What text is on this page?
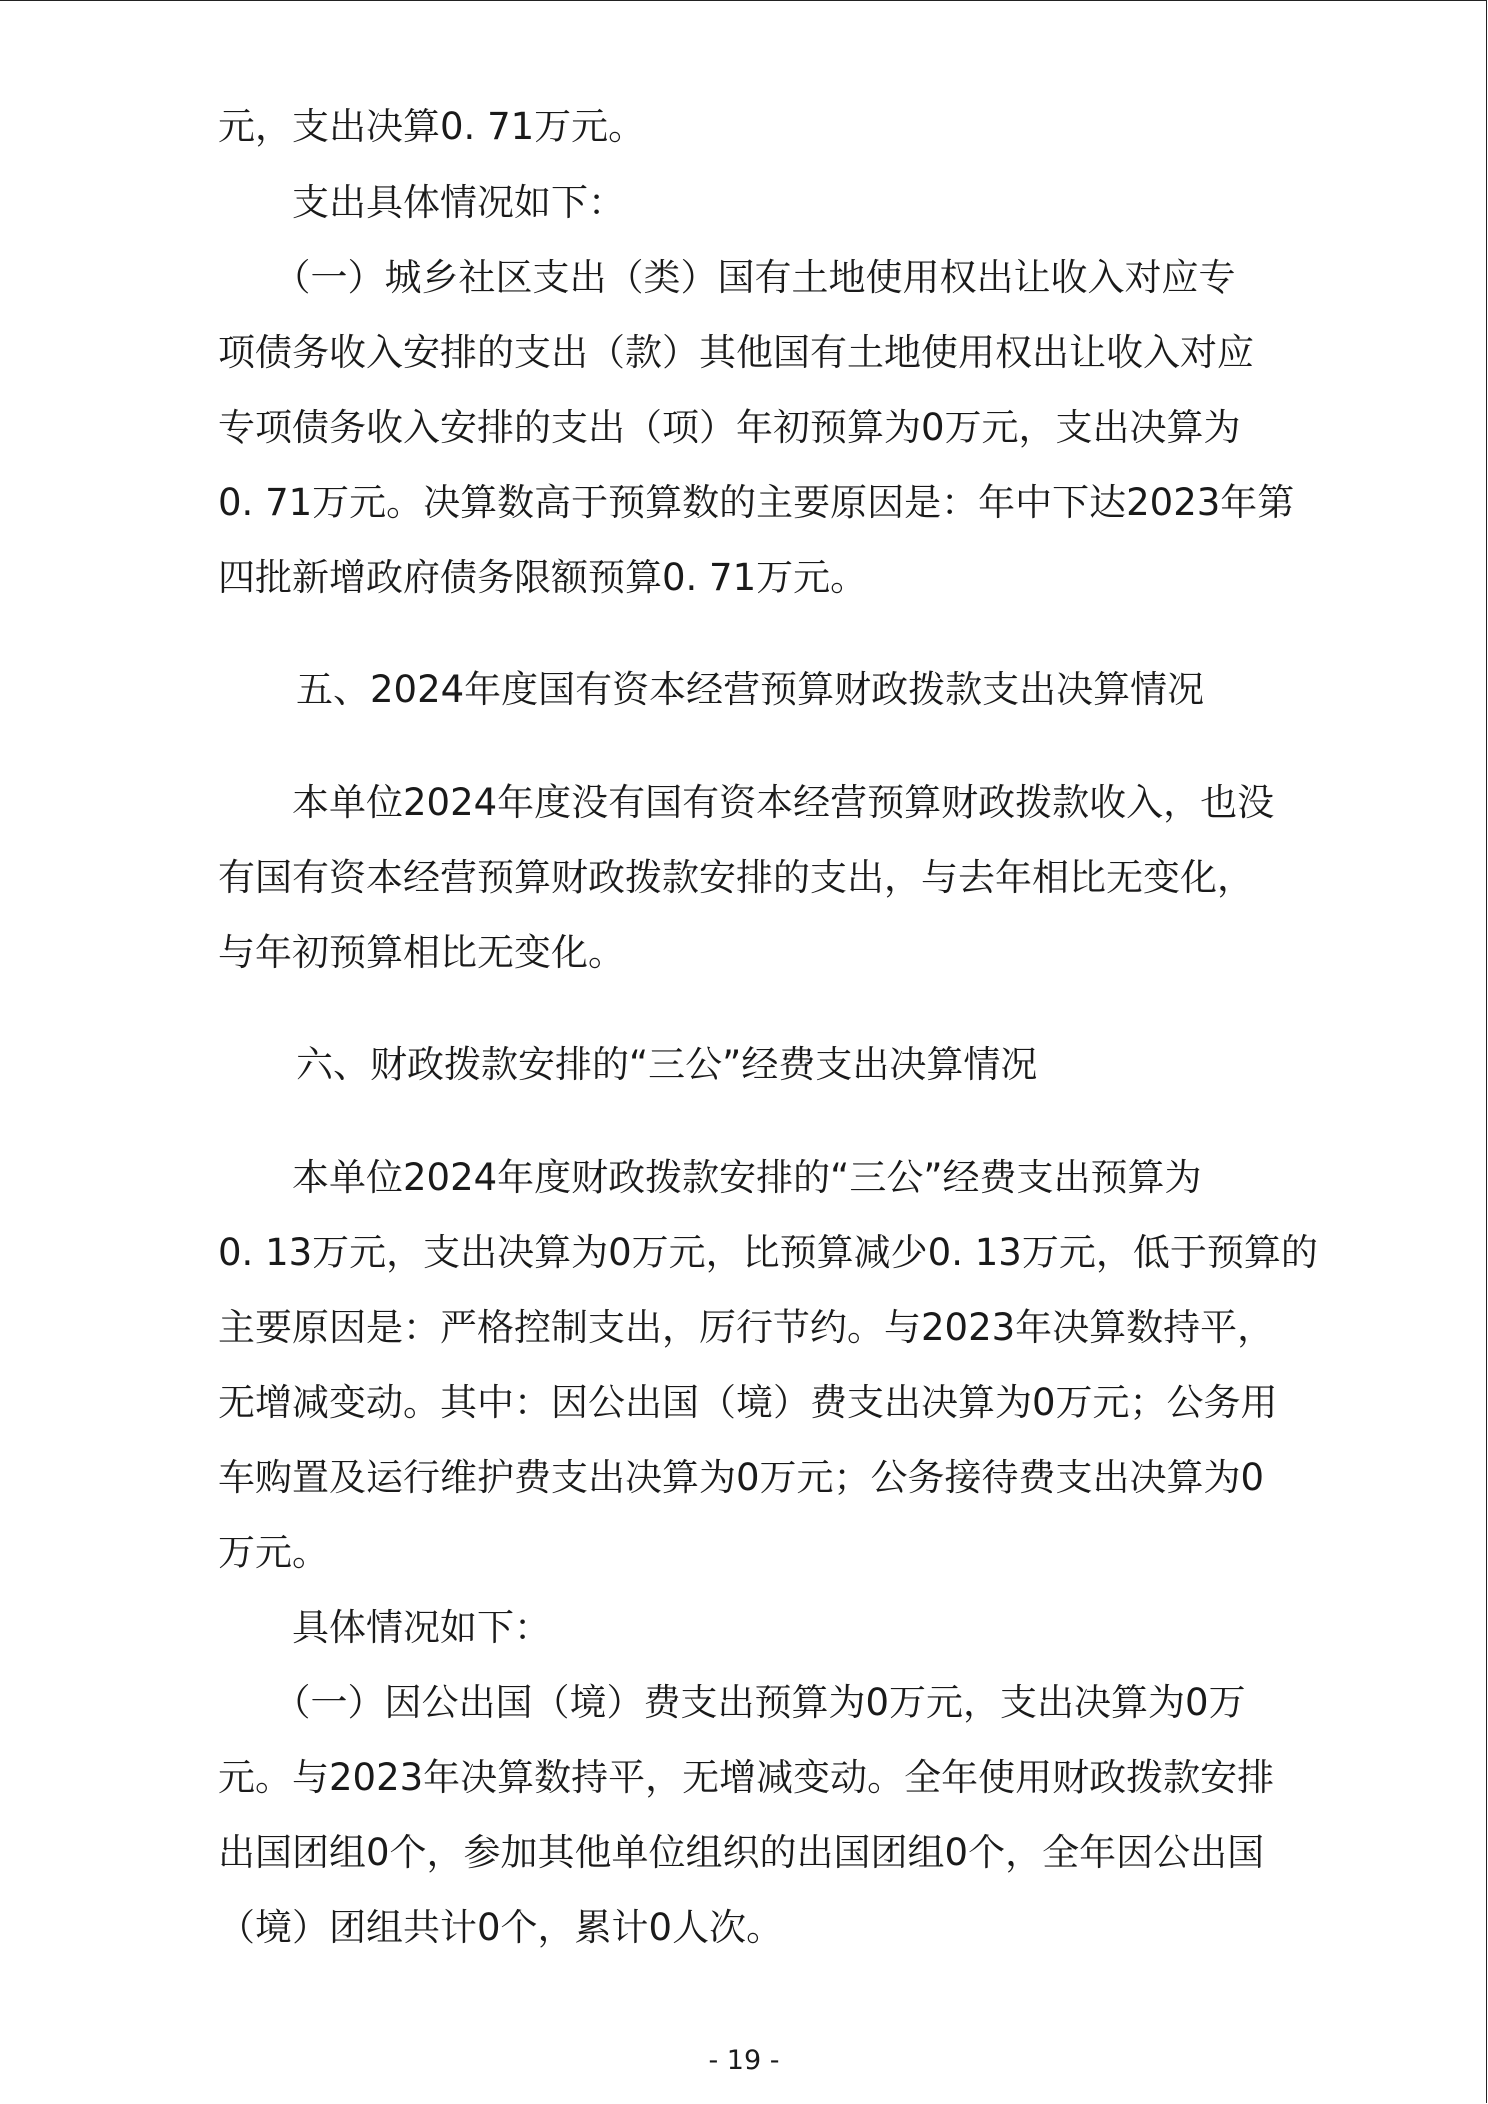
元，支出决算0. 71万元。
　　支出具体情况如下：
　　（一）城乡社区支出（类）国有土地使用权出让收入对应专
项债务收入安排的支出（款）其他国有土地使用权出让收入对应
专项债务收入安排的支出（项）年初预算为0万元，支出决算为
0. 71万元。决算数高于预算数的主要原因是：年中下达2023年第
四批新增政府债务限额预算0. 71万元。
五、2024年度国有资本经营预算财政拨款支出决算情况
　　本单位2024年度没有国有资本经营预算财政拨款收入，也没
有国有资本经营预算财政拨款安排的支出，与去年相比无变化，
与年初预算相比无变化。
六、财政拨款安排的“三公”经费支出决算情况
　　本单位2024年度财政拨款安排的“三公”经费支出预算为
0. 13万元，支出决算为0万元，比预算减少0. 13万元，低于预算的
主要原因是：严格控制支出，厉行节约。与2023年决算数持平，
无增减变动。其中：因公出国（境）费支出决算为0万元；公务用
车购置及运行维护费支出决算为0万元；公务接待费支出决算为0
万元。
　　具体情况如下：
　　（一）因公出国（境）费支出预算为0万元，支出决算为0万
元。与2023年决算数持平，无增减变动。全年使用财政拨款安排
出国团组0个，参加其他单位组织的出国团组0个，全年因公出国
（境）团组共计0个，累计0人次。
- 19 -
